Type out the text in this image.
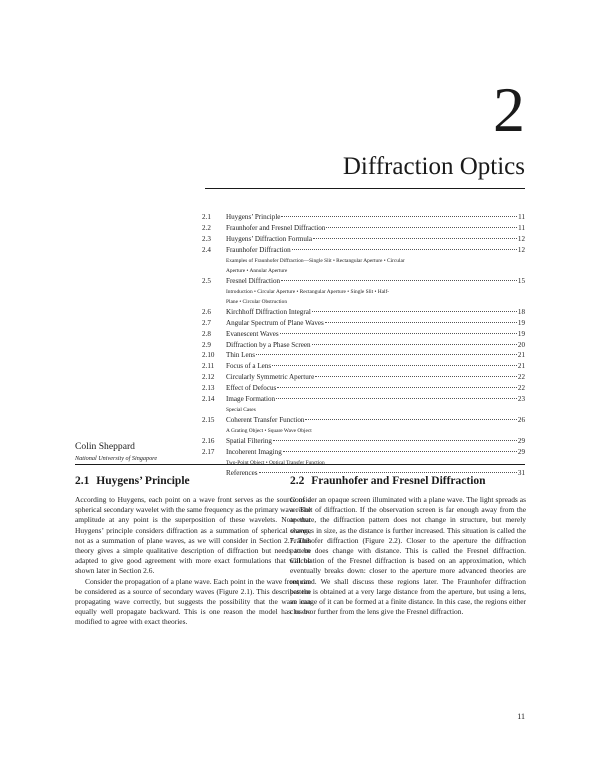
2
Diffraction Optics
2.1	Huygens’ Principle	11
2.2	Fraunhofer and Fresnel Diffraction	11
2.3	Huygens’ Diffraction Formula	12
2.4	Fraunhofer Diffraction	12
Examples of Fraunhofer Diffraction—Single Slit • Rectangular Aperture • Circular
Aperture • Annular Aperture
2.5	Fresnel Diffraction	15
Introduction • Circular Aperture • Rectangular Aperture • Single Slit • Half-
Plane • Circular Obstruction
2.6	Kirchhoff Diffraction Integral	18
2.7	Angular Spectrum of Plane Waves	19
2.8	Evanescent Waves	19
2.9	Diffraction by a Phase Screen	20
2.10	Thin Lens	21
2.11	Focus of a Lens	21
2.12	Circularly Symmetric Aperture	22
2.13	Effect of Defocus	22
2.14	Image Formation	23
Special Cases
2.15	Coherent Transfer Function	26
A Grating Object • Square Wave Object
2.16	Spatial Filtering	29
2.17	Incoherent Imaging	29
Two-Point Object • Optical Transfer Function
References	31
Colin Sheppard
National University of Singapore
2.1 Huygens’ Principle

According to Huygens, each point on a wave front serves as the source of a spherical secondary wavelet with the same frequency as the primary wave. The amplitude at any point is the superposition of these wavelets. Note that Huygens’ principle considers diffraction as a summation of spherical waves, not as a summation of plane waves, as we will consider in Section 2.7. This theory gives a simple qualitative description of diffraction but needs to be adapted to give good agreement with more exact formulations that will be shown later in Section 2.6.

Consider the propagation of a plane wave. Each point in the wave front can be considered as a source of secondary waves (Figure 2.1). This describes the propagating wave correctly, but suggests the possibility that the wave can equally well propagate backward. This is one reason the model has to be modified to agree with exact theories.

2.2 Fraunhofer and Fresnel Diffraction

Consider an opaque screen illuminated with a plane wave. The light spreads as a result of diffraction. If the observation screen is far enough away from the aperture, the diffraction pattern does not change in structure, but merely changes in size, as the distance is further increased. This situation is called the Fraunhofer diffraction (Figure 2.2). Closer to the aperture the diffraction pattern does change with distance. This is called the Fresnel diffraction. Calculation of the Fresnel diffraction is based on an approximation, which eventually breaks down: closer to the aperture more advanced theories are required. We shall discuss these regions later. The Fraunhofer diffraction pattern is obtained at a very large distance from the aperture, but using a lens, an image of it can be formed at a finite distance. In this case, the regions either closer or further from the lens give the Fresnel diffraction.

11
